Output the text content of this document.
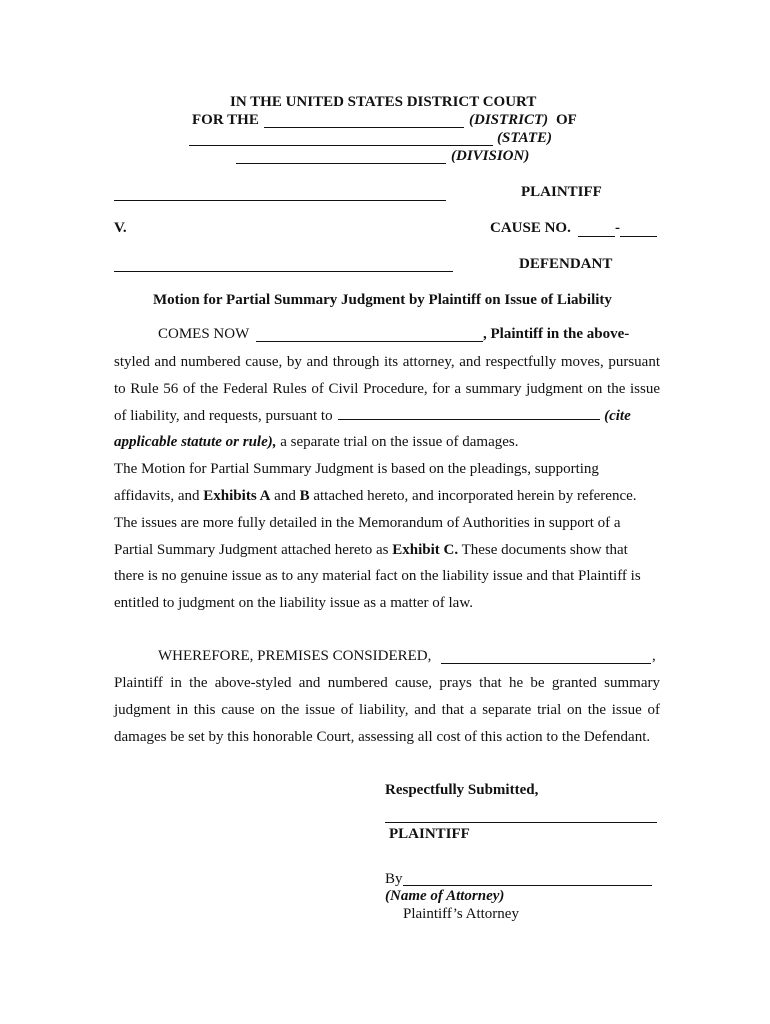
IN THE UNITED STATES DISTRICT COURT
FOR THE	(DISTRICT) OF
(STATE)
(DIVISION)
PLAINTIFF
V.	CAUSE NO.	-
DEFENDANT
Motion for Partial Summary Judgment by Plaintiff on Issue of Liability
COMES NOW	, Plaintiff in the above-

styled and numbered cause, by and through its attorney, and respectfully moves, pursuant

to Rule 56 of the Federal Rules of Civil Procedure, for a summary judgment on the issue

of liability, and requests, pursuant to	(cite

applicable statute or rule), a separate trial on the issue of damages.

The Motion for Partial Summary Judgment is based on the pleadings, supporting

affidavits, and Exhibits A and B attached hereto, and incorporated herein by reference.

The issues are more fully detailed in the Memorandum of Authorities in support of a

Partial Summary Judgment attached hereto as Exhibit C. These documents show that

there is no genuine issue as to any material fact on the liability issue and that Plaintiff is

entitled to judgment on the liability issue as a matter of law.

WHEREFORE, PREMISES CONSIDERED,	,

Plaintiff in the above-styled and numbered cause, prays that he be granted summary

judgment in this cause on the issue of liability, and that a separate trial on the issue of

damages be set by this honorable Court, assessing all cost of this action to the Defendant.

Respectfully Submitted,
PLAINTIFF
By
(Name of Attorney)
Plaintiff’s Attorney
